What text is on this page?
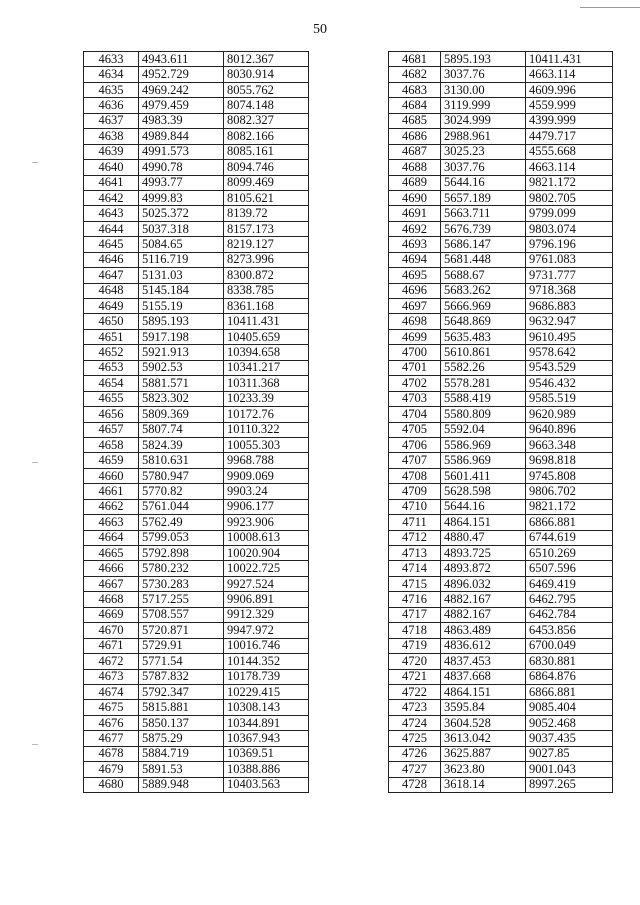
50
4633	4943.611	8012.367
4634	4952.729	8030.914
4635	4969.242	8055.762
4636	4979.459	8074.148
4637	4983.39	8082.327
4638	4989.844	8082.166
4639	4991.573	8085.161
4640	4990.78	8094.746
4641	4993.77	8099.469
4642	4999.83	8105.621
4643	5025.372	8139.72
4644	5037.318	8157.173
4645	5084.65	8219.127
4646	5116.719	8273.996
4647	5131.03	8300.872
4648	5145.184	8338.785
4649	5155.19	8361.168
4650	5895.193	10411.431
4651	5917.198	10405.659
4652	5921.913	10394.658
4653	5902.53	10341.217
4654	5881.571	10311.368
4655	5823.302	10233.39
4656	5809.369	10172.76
4657	5807.74	10110.322
4658	5824.39	10055.303
4659	5810.631	9968.788
4660	5780.947	9909.069
4661	5770.82	9903.24
4662	5761.044	9906.177
4663	5762.49	9923.906
4664	5799.053	10008.613
4665	5792.898	10020.904
4666	5780.232	10022.725
4667	5730.283	9927.524
4668	5717.255	9906.891
4669	5708.557	9912.329
4670	5720.871	9947.972
4671	5729.91	10016.746
4672	5771.54	10144.352
4673	5787.832	10178.739
4674	5792.347	10229.415
4675	5815.881	10308.143
4676	5850.137	10344.891
4677	5875.29	10367.943
4678	5884.719	10369.51
4679	5891.53	10388.886
4680	5889.948	10403.563
4681	5895.193	10411.431
4682	3037.76	4663.114
4683	3130.00	4609.996
4684	3119.999	4559.999
4685	3024.999	4399.999
4686	2988.961	4479.717
4687	3025.23	4555.668
4688	3037.76	4663.114
4689	5644.16	9821.172
4690	5657.189	9802.705
4691	5663.711	9799.099
4692	5676.739	9803.074
4693	5686.147	9796.196
4694	5681.448	9761.083
4695	5688.67	9731.777
4696	5683.262	9718.368
4697	5666.969	9686.883
4698	5648.869	9632.947
4699	5635.483	9610.495
4700	5610.861	9578.642
4701	5582.26	9543.529
4702	5578.281	9546.432
4703	5588.419	9585.519
4704	5580.809	9620.989
4705	5592.04	9640.896
4706	5586.969	9663.348
4707	5586.969	9698.818
4708	5601.411	9745.808
4709	5628.598	9806.702
4710	5644.16	9821.172
4711	4864.151	6866.881
4712	4880.47	6744.619
4713	4893.725	6510.269
4714	4893.872	6507.596
4715	4896.032	6469.419
4716	4882.167	6462.795
4717	4882.167	6462.784
4718	4863.489	6453.856
4719	4836.612	6700.049
4720	4837.453	6830.881
4721	4837.668	6864.876
4722	4864.151	6866.881
4723	3595.84	9085.404
4724	3604.528	9052.468
4725	3613.042	9037.435
4726	3625.887	9027.85
4727	3623.80	9001.043
4728	3618.14	8997.265
